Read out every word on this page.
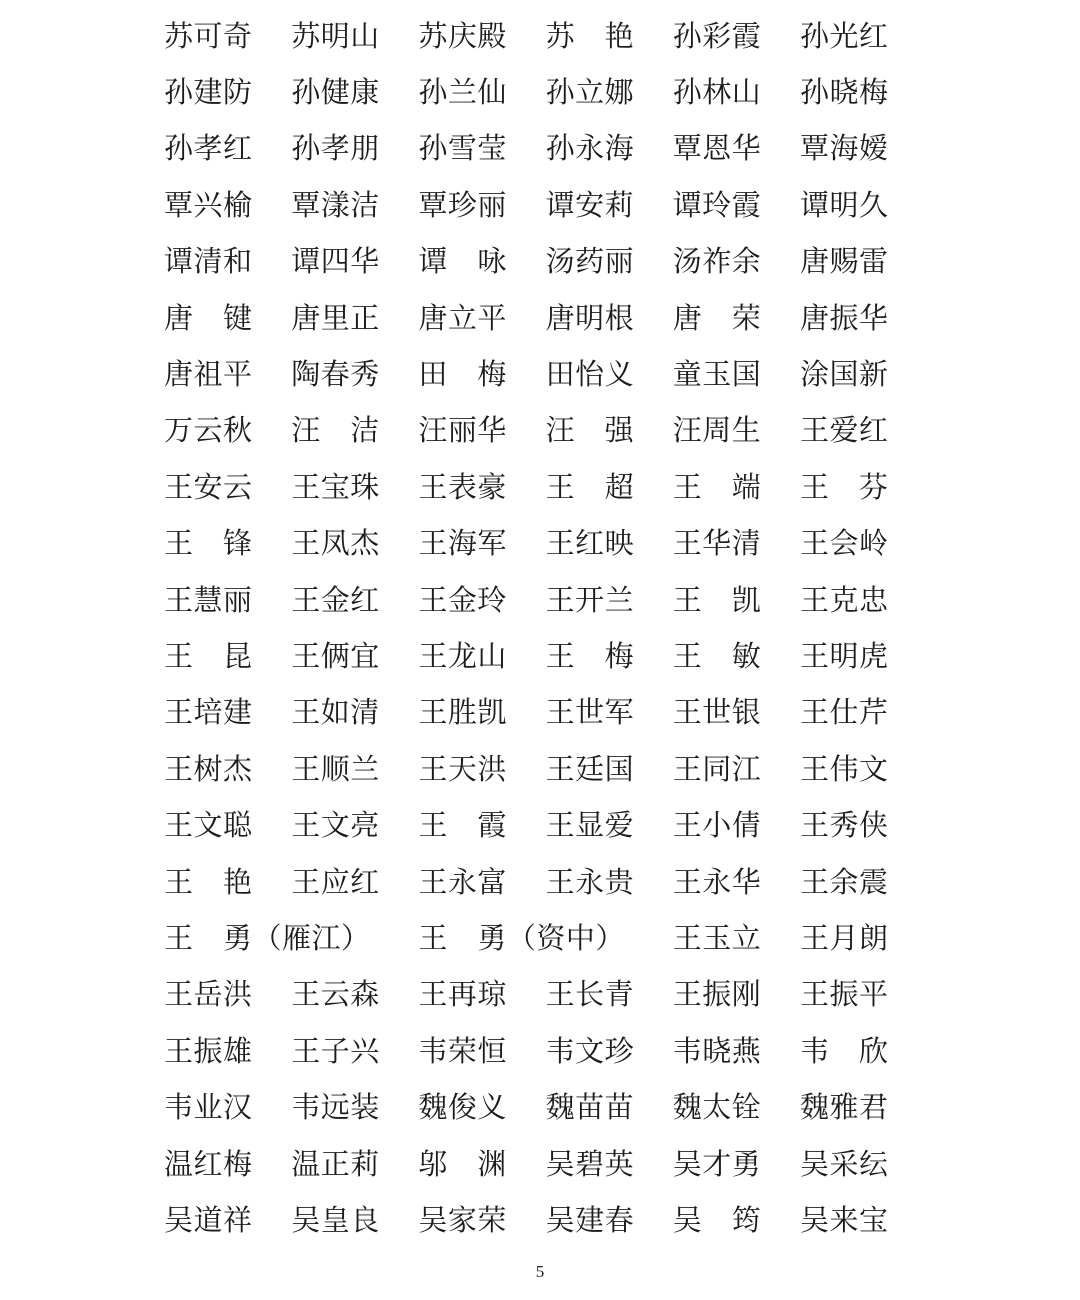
苏可奇	苏明山	苏庆殿	苏　艳	孙彩霞	孙光红
孙建防	孙健康	孙兰仙	孙立娜	孙林山	孙晓梅
孙孝红	孙孝朋	孙雪莹	孙永海	覃恩华	覃海嫒
覃兴榆	覃漾洁	覃珍丽	谭安莉	谭玲霞	谭明久
谭清和	谭四华	谭　咏	汤药丽	汤祚余	唐赐雷
唐　键	唐里正	唐立平	唐明根	唐　荣	唐振华
唐祖平	陶春秀	田　梅	田怡义	童玉国	涂国新
万云秋	汪　洁	汪丽华	汪　强	汪周生	王爱红
王安云	王宝珠	王表豪	王　超	王　端	王　芬
王　锋	王凤杰	王海军	王红映	王华清	王会岭
王慧丽	王金红	王金玲	王开兰	王　凯	王克忠
王　昆	王俩宜	王龙山	王　梅	王　敏	王明虎
王培建	王如清	王胜凯	王世军	王世银	王仕芹
王树杰	王顺兰	王天洪	王廷国	王同江	王伟文
王文聪	王文亮	王　霞	王显爱	王小倩	王秀侠
王　艳	王应红	王永富	王永贵	王永华	王余震
王　勇（雁江）	王　勇（资中）	王玉立	王月朗
王岳洪	王云森	王再琼	王长青	王振刚	王振平
王振雄	王子兴	韦荣恒	韦文珍	韦晓燕	韦　欣
韦业汉	韦远装	魏俊义	魏苗苗	魏太铨	魏雅君
温红梅	温正莉	邬　渊	吴碧英	吴才勇	吴采纭
吴道祥	吴皇良	吴家荣	吴建春	吴　筠	吴来宝
5
